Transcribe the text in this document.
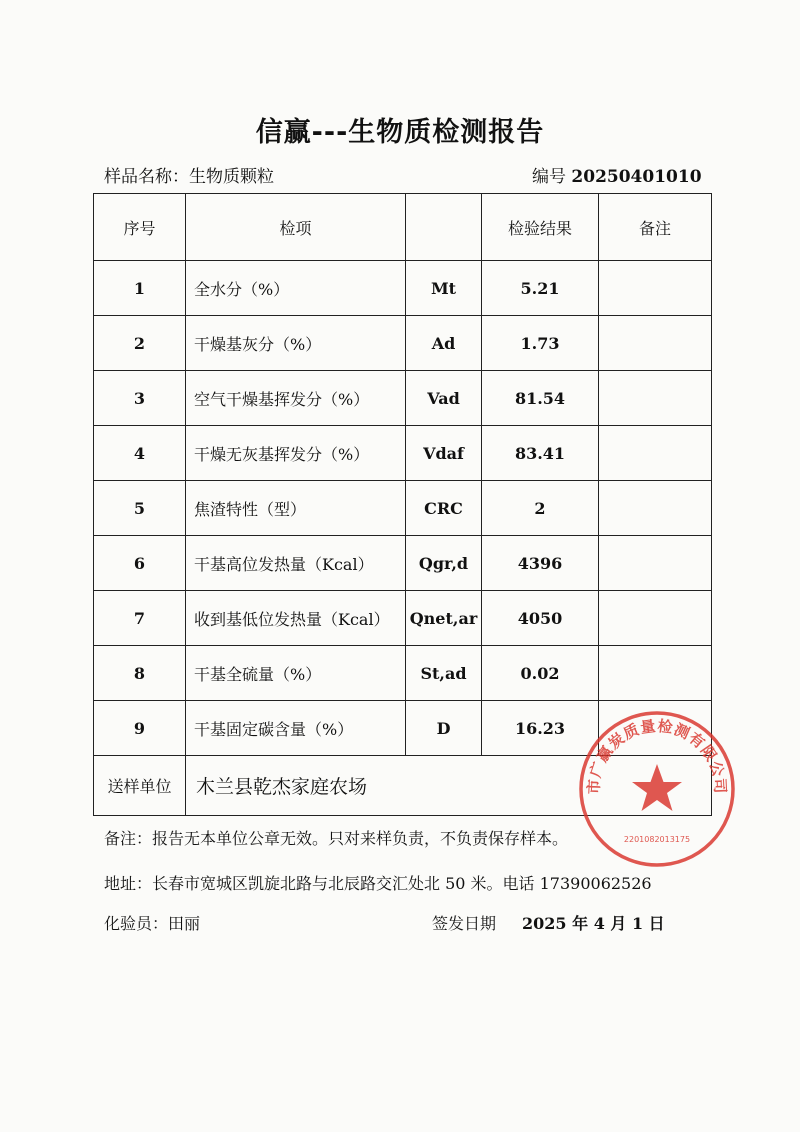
信赢---生物质检测报告
样品名称：生物质颗粒	编号 20250401010
序号	检项		检验结果	备注
1	全水分（%）	Mt	5.21	
2	干燥基灰分（%）	Ad	1.73	
3	空气干燥基挥发分（%）	Vad	81.54	
4	干燥无灰基挥发分（%）	Vdaf	83.41	
5	焦渣特性（型）	CRC	2	
6	干基高位发热量（Kcal）	Qgr,d	4396	
7	收到基低位发热量（Kcal）	Qnet,ar	4050	
8	干基全硫量（%）	St,ad	0.02	
9	干基固定碳含量（%）	D	16.23	
送样单位	木兰县乾杰家庭农场			
备注：报告无本单位公章无效。只对来样负责，不负责保存样本。
地址：长春市宽城区凯旋北路与北辰路交汇处北 50 米。电话 17390062526
化验员：田丽	签发日期 2025 年 4 月 1 日
市广赢炭质量检测有限公司
2201082013175
